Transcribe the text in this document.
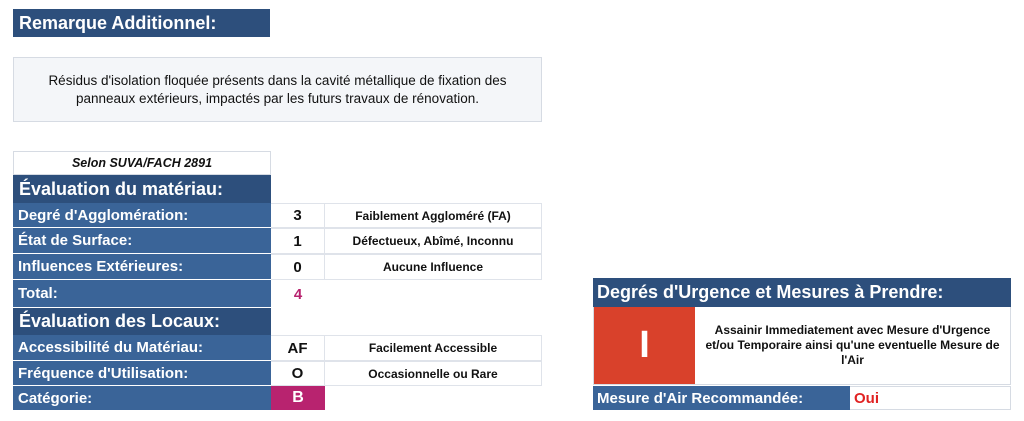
Remarque Additionnel:
Résidus d'isolation floquée présents dans la cavité métallique de fixation des panneaux extérieurs, impactés par les futurs travaux de rénovation.
Selon SUVA/FACH 2891
Évaluation du matériau:
Degré d'Agglomération:	3	Faiblement Aggloméré (FA)
État de Surface:	1	Défectueux, Abîmé, Inconnu
Influences Extérieures:	0	Aucune Influence
Total:	4
Évaluation des Locaux:
Accessibilité du Matériau:	AF	Facilement Accessible
Fréquence d'Utilisation:	O	Occasionnelle ou Rare
Catégorie:	B
Degrés d'Urgence et Mesures à Prendre:
I	Assainir Immediatement avec Mesure d'Urgence et/ou Temporaire ainsi qu'une eventuelle Mesure de l'Air
Mesure d'Air Recommandée:	Oui
